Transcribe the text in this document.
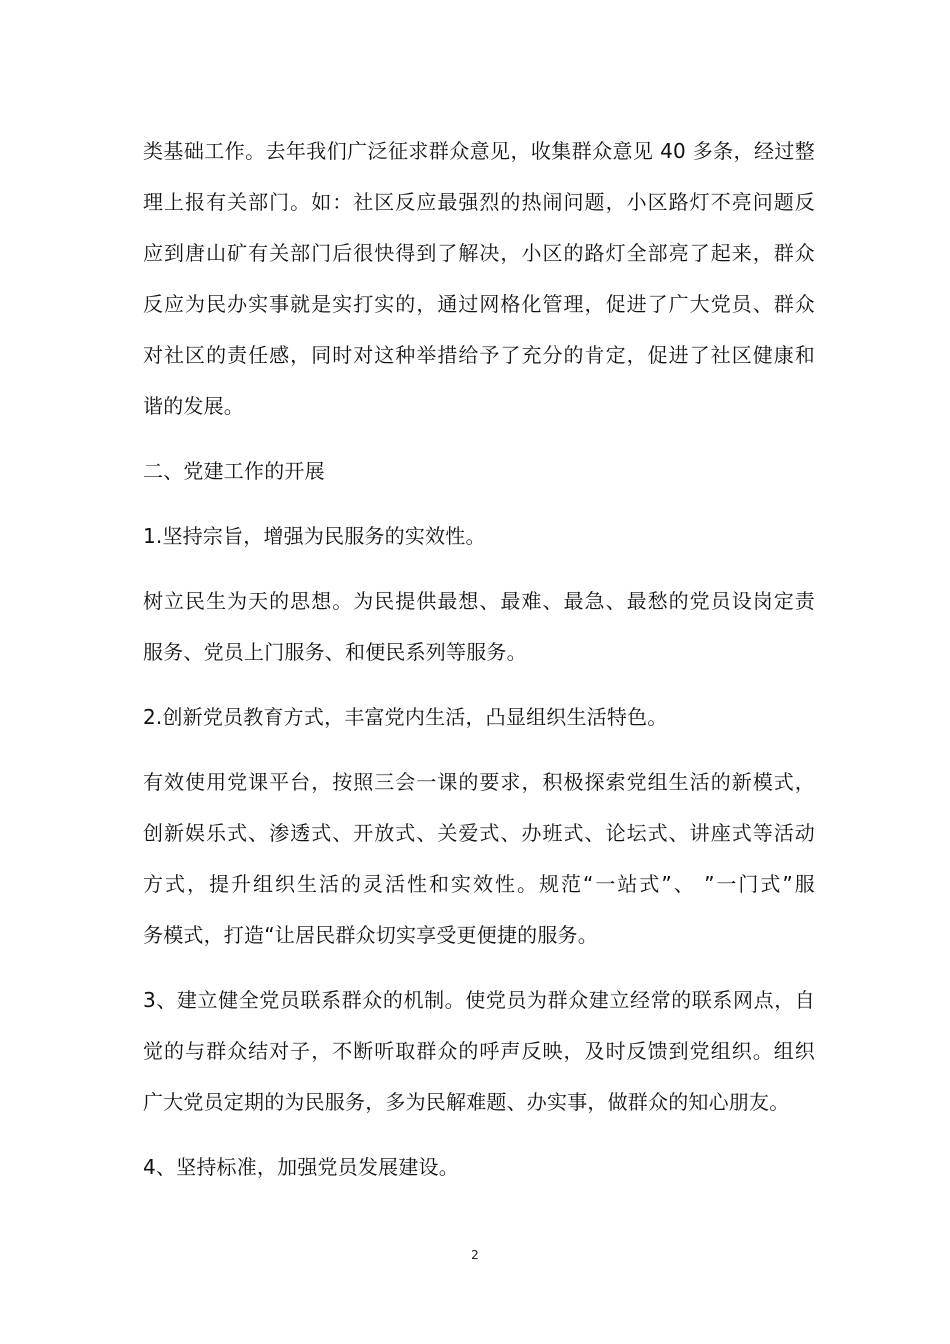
类基础工作。去年我们广泛征求群众意见，收集群众意见 40 多条，经过整
理上报有关部门。如：社区反应最强烈的热闹问题，小区路灯不亮问题反
应到唐山矿有关部门后很快得到了解决，小区的路灯全部亮了起来，群众
反应为民办实事就是实打实的，通过网格化管理，促进了广大党员、群众
对社区的责任感，同时对这种举措给予了充分的肯定，促进了社区健康和
谐的发展。
二、党建工作的开展
1.坚持宗旨，增强为民服务的实效性。
树立民生为天的思想。为民提供最想、最难、最急、最愁的党员设岗定责
服务、党员上门服务、和便民系列等服务。
2.创新党员教育方式，丰富党内生活，凸显组织生活特色。
有效使用党课平台，按照三会一课的要求，积极探索党组生活的新模式，
创新娱乐式、渗透式、开放式、关爱式、办班式、论坛式、讲座式等活动
方式，提升组织生活的灵活性和实效性。规范“一站式”、 ”一门式”服
务模式，打造“让居民群众切实享受更便捷的服务。
3、建立健全党员联系群众的机制。使党员为群众建立经常的联系网点，自
觉的与群众结对子，不断听取群众的呼声反映，及时反馈到党组织。组织
广大党员定期的为民服务，多为民解难题、办实事，做群众的知心朋友。
4、坚持标准，加强党员发展建设。
2
